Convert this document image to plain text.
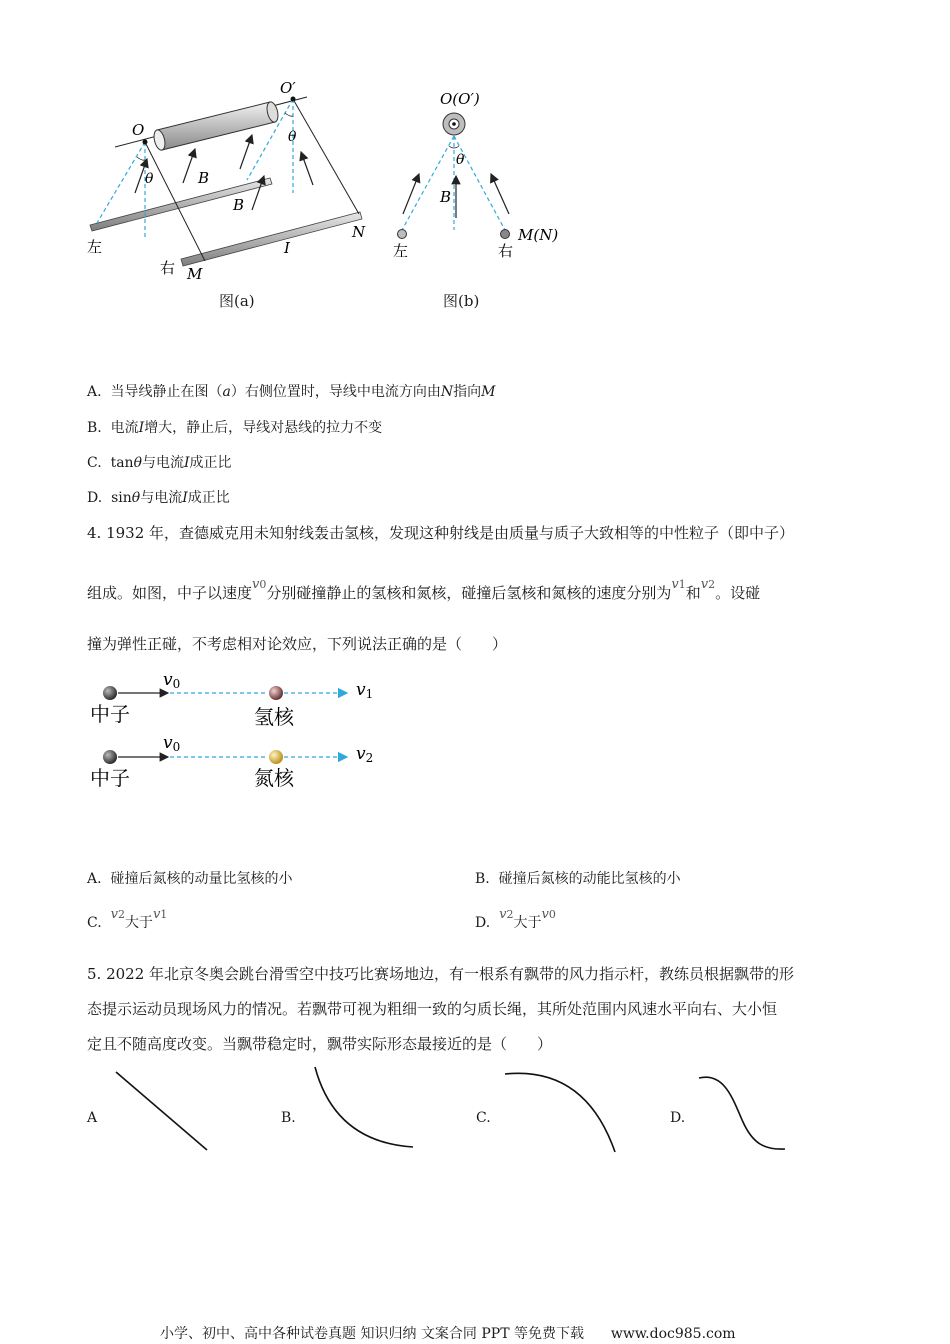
O
O′
θ
θ
B
B
左
右 M
N
I
图(a)
O(O′)
θ
B
左	右
M(N)
图(b)
A. 当导线静止在图（a）右侧位置时，导线中电流方向由N指向M
B. 电流I增大，静止后，导线对悬线的拉力不变
C. tanθ与电流I成正比
D. sinθ与电流I成正比
4. 1932 年，查德威克用未知射线轰击氢核，发现这种射线是由质量与质子大致相等的中性粒子（即中子）
组成。如图，中子以速度v0分别碰撞静止的氢核和氮核，碰撞后氢核和氮核的速度分别为v1和v2。设碰
撞为弹性正碰，不考虑相对论效应，下列说法正确的是（　　）
v0	v1
中子	氢核
v0	v2
中子	氮核
A. 碰撞后氮核的动量比氢核的小	B. 碰撞后氮核的动能比氢核的小
C.  v2大于v1
D.  v2大于v0
5. 2022 年北京冬奥会跳台滑雪空中技巧比赛场地边，有一根系有飘带的风力指示杆，教练员根据飘带的形
态提示运动员现场风力的情况。若飘带可视为粗细一致的匀质长绳，其所处范围内风速水平向右、大小恒
定且不随高度改变。当飘带稳定时，飘带实际形态最接近的是（　　）
A	B.	C.	D.
小学、初中、高中各种试卷真题 知识归纳 文案合同 PPT 等免费下载 www.doc985.com
